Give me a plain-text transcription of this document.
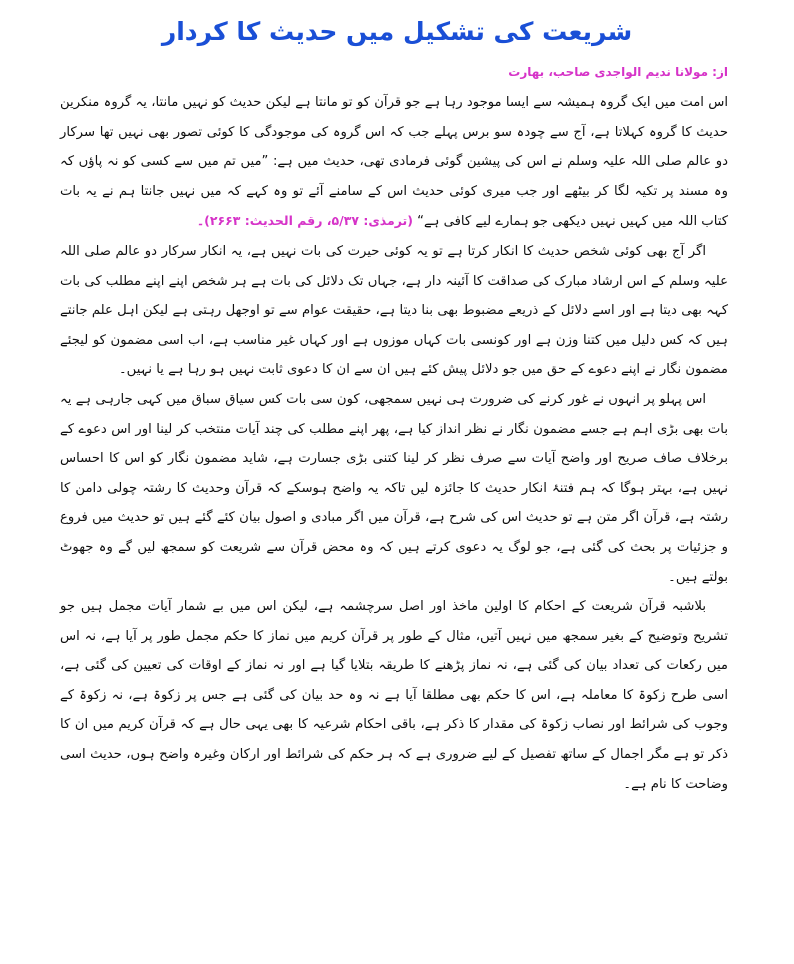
شریعت کی تشکیل میں حدیث کا کردار
از: مولانا ندیم الواجدی صاحب، بھارت

اس امت میں ایک گروہ ہمیشہ سے ایسا موجود رہا ہے جو قرآن کو تو مانتا ہے لیکن حدیث کو نہیں مانتا، یہ گروہ منکرین حدیث کا گروہ کہلاتا ہے، آج سے چودہ سو برس پہلے جب کہ اس گروہ کی موجودگی کا کوئی تصور بھی نہیں تھا سرکار دو عالم صلی اللہ علیہ وسلم نے اس کی پیشین گوئی فرمادی تھی، حدیث میں ہے: ”میں تم میں سے کسی کو نہ پاؤں کہ وہ مسند پر تکیہ لگا کر بیٹھے اور جب میری کوئی حدیث اس کے سامنے آئے تو وہ کہے کہ میں نہیں جانتا ہم نے یہ بات کتاب اللہ میں کہیں نہیں دیکھی جو ہمارے لیے کافی ہے“ (ترمذی: ۵/۳۷، رقم الحدیث: ۲۶۶۳)۔

اگر آج بھی کوئی شخص حدیث کا انکار کرتا ہے تو یہ کوئی حیرت کی بات نہیں ہے، یہ انکار سرکار دو عالم صلی اللہ علیہ وسلم کے اس ارشاد مبارک کی صداقت کا آئینہ دار ہے، جہاں تک دلائل کی بات ہے ہر شخص اپنے اپنے مطلب کی بات کہہ بھی دیتا ہے اور اسے دلائل کے ذریعے مضبوط بھی بنا دیتا ہے، حقیقت عوام سے تو اوجھل رہتی ہے لیکن اہل علم جانتے ہیں کہ کس دلیل میں کتنا وزن ہے اور کونسی بات کہاں موزوں ہے اور کہاں غیر مناسب ہے، اب اسی مضمون کو لیجئے مضمون نگار نے اپنے دعوے کے حق میں جو دلائل پیش کئے ہیں ان سے ان کا دعوی ثابت نہیں ہو رہا ہے یا نہیں۔

اس پہلو پر انہوں نے غور کرنے کی ضرورت ہی نہیں سمجھی، کون سی بات کس سیاق سباق میں کہی جارہی ہے یہ بات بھی بڑی اہم ہے جسے مضمون نگار نے نظر انداز کیا ہے، پھر اپنے مطلب کی چند آیات منتخب کر لینا اور اس دعوے کے برخلاف صاف صریح اور واضح آیات سے صرف نظر کر لینا کتنی بڑی جسارت ہے، شاید مضمون نگار کو اس کا احساس نہیں ہے، بہتر ہوگا کہ ہم فتنۂ انکار حدیث کا جائزہ لیں تاکہ یہ واضح ہوسکے کہ قرآن وحدیث کا رشتہ چولی دامن کا رشتہ ہے، قرآن اگر متن ہے تو حدیث اس کی شرح ہے، قرآن میں اگر مبادی و اصول بیان کئے گئے ہیں تو حدیث میں فروع و جزئیات پر بحث کی گئی ہے، جو لوگ یہ دعوی کرتے ہیں کہ وہ محض قرآن سے شریعت کو سمجھ لیں گے وہ جھوٹ بولتے ہیں۔

بلاشبہ قرآن شریعت کے احکام کا اولین ماخذ اور اصل سرچشمہ ہے، لیکن اس میں بے شمار آیات مجمل ہیں جو تشریح وتوضیح کے بغیر سمجھ میں نہیں آتیں، مثال کے طور پر قرآن کریم میں نماز کا حکم مجمل طور پر آیا ہے، نہ اس میں رکعات کی تعداد بیان کی گئی ہے، نہ نماز پڑھنے کا طریقہ بتلایا گیا ہے اور نہ نماز کے اوقات کی تعیین کی گئی ہے، اسی طرح زکوۃ کا معاملہ ہے، اس کا حکم بھی مطلقا آیا ہے نہ وہ حد بیان کی گئی ہے جس پر زکوۃ ہے، نہ زکوۃ کے وجوب کی شرائط اور نصاب زکوۃ کی مقدار کا ذکر ہے، باقی احکام شرعیہ کا بھی یہی حال ہے کہ قرآن کریم میں ان کا ذکر تو ہے مگر اجمال کے ساتھ تفصیل کے لیے ضروری ہے کہ ہر حکم کی شرائط اور ارکان وغیرہ واضح ہوں، حدیث اسی وضاحت کا نام ہے۔
